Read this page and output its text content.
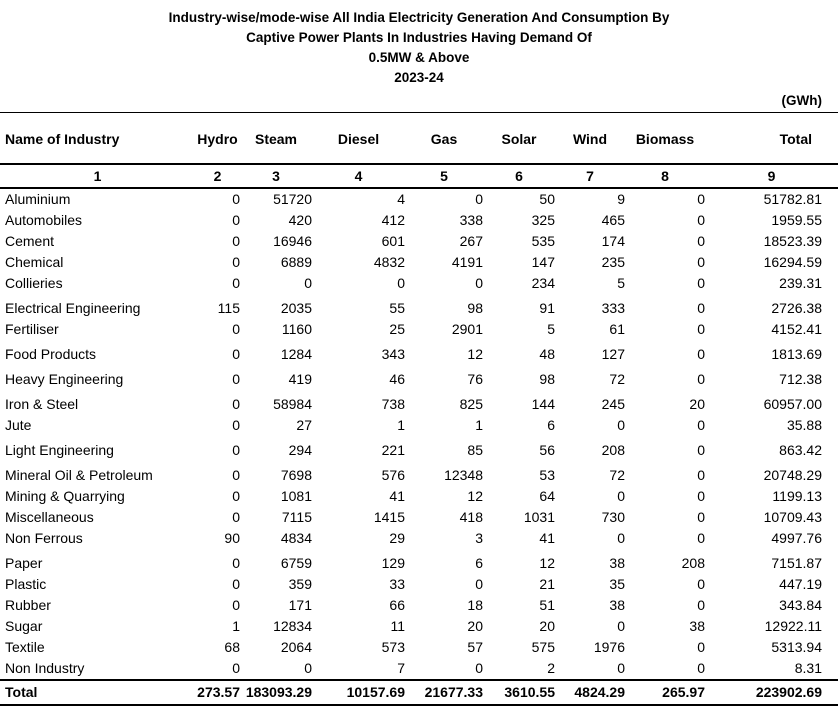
Industry-wise/mode-wise All India Electricity Generation And Consumption By
Captive Power Plants In Industries Having Demand Of
0.5MW & Above
2023-24
(GWh)
Name of Industry	Hydro	Steam	Diesel	Gas	Solar	Wind	Biomass	Total
1	2	3	4	5	6	7	8	9
Aluminium	0	51720	4	0	50	9	0	51782.81
Automobiles	0	420	412	338	325	465	0	1959.55
Cement	0	16946	601	267	535	174	0	18523.39
Chemical	0	6889	4832	4191	147	235	0	16294.59
Collieries	0	0	0	0	234	5	0	239.31
Electrical Engineering	115	2035	55	98	91	333	0	2726.38
Fertiliser	0	1160	25	2901	5	61	0	4152.41
Food Products	0	1284	343	12	48	127	0	1813.69
Heavy Engineering	0	419	46	76	98	72	0	712.38
Iron & Steel	0	58984	738	825	144	245	20	60957.00
Jute	0	27	1	1	6	0	0	35.88
Light Engineering	0	294	221	85	56	208	0	863.42
Mineral Oil & Petroleum	0	7698	576	12348	53	72	0	20748.29
Mining & Quarrying	0	1081	41	12	64	0	0	1199.13
Miscellaneous	0	7115	1415	418	1031	730	0	10709.43
Non Ferrous	90	4834	29	3	41	0	0	4997.76
Paper	0	6759	129	6	12	38	208	7151.87
Plastic	0	359	33	0	21	35	0	447.19
Rubber	0	171	66	18	51	38	0	343.84
Sugar	1	12834	11	20	20	0	38	12922.11
Textile	68	2064	573	57	575	1976	0	5313.94
Non Industry	0	0	7	0	2	0	0	8.31
Total	273.57	183093.29	10157.69	21677.33	3610.55	4824.29	265.97	223902.69
